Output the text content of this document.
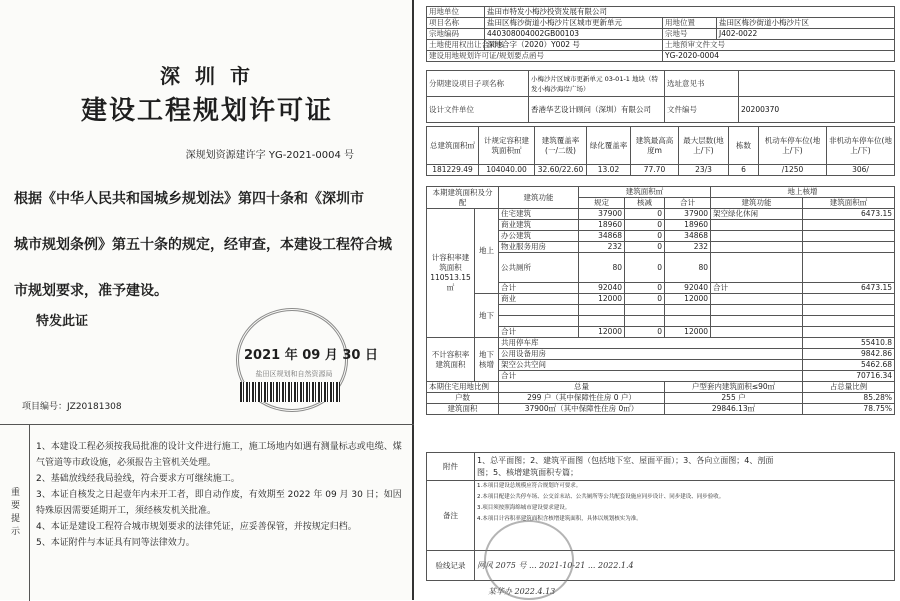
深 圳 市
建设工程规划许可证
深规划资源建许字 YG-2021-0004 号
根据《中华人民共和国城乡规划法》第四十条和《深圳市
城市规划条例》第五十条的规定，经审查，本建设工程符合城
市规划要求，准予建设。
特发此证
盐田区规划和自然资源局
2021 年 09 月 30 日
项目编号：JZ20181308
重要提示
1、本建设工程必须按我局批准的设计文件进行施工，施工场地内如遇有测量标志或电缆、煤气管道等市政设施，必须报告主管机关处理。
2、基础放线经我局验线，符合要求方可继续施工。
3、本证自核发之日起壹年内未开工者，即自动作废，有效期至 2022 年 09 月 30 日；如因特殊原因需要延期开工，须经核发机关批准。
4、本证是建设工程符合城市规划要求的法律凭证，应妥善保管，并按规定归档。
5、本证附件与本证具有同等法律效力。
用地单位	盐田市特发小梅沙投资发展有限公司		
项目名称	盐田区梅沙街道小梅沙片区城市更新单元	用地位置	盐田区梅沙街道小梅沙片区
宗地编码	440308004002GB00103	宗地号	J402-0022
土地使用权出让合同书	深地合字（2020）Y002 号	土地预审文件文号	
建设用地规划许可证/规划要点函号		YG-2020-0004	
分期建设项目子项名称	小梅沙片区城市更新单元 03-01-1 地块（特发小梅沙海岸广场）	选址意见书	
设计文件单位	香港华艺设计顾问（深圳）有限公司	文件编号	20200370
总建筑面积㎡	计规定容积建筑面积㎡	建筑覆盖率(一/二级)	绿化覆盖率	建筑最高高度m	最大层数(地上/下)	栋数	机动车停车位(地上/下)	非机动车停车位(地上/下)
181229.49	104040.00	32.60/22.60	13.02	77.70	23/3	6	/1250	306/
本期建筑面积及分配		建筑功能	建筑面积㎡			地上核增	
			规定	核减	合计	建筑功能	建筑面积㎡
计容积率建筑面积 110513.15㎡	地上	住宅建筑	37900	0	37900	架空绿化休闲	6473.15
		商业建筑	18960	0	18960		
		办公建筑	34868	0	34868		
		物业服务用房	232	0	232		
		公共厕所	80	0	80		
		合计	92040	0	92040	合计	6473.15
	地下	商业	12000	0	12000		

		合计	12000	0	12000		
不计容积率建筑面积	地下核增	共用停车库					55410.8
		公用设备用房					9842.86
		架空公共空间					5462.68
		合计					70716.34
本期住宅用地比例		总量			户型套内建筑面积≤90㎡		占总量比例
户数		299 户（其中保障性住房 0 户）			255 户		85.28%
建筑面积		37900㎡（其中保障性住房 0㎡）			29846.13㎡		78.75%
附件	1、总平面图；2、建筑平面图（包括地下室、屋面平面）；3、各向立面图；4、剖面
图；5、核增建筑面积专篇；

备注	1.本项目建设总规模应符合规划许可要求。
2.本项目配建公共停车场、公交首末站、公共厕所等公共配套设施应同步设计、同步建设、同步验收。
3.项目须按照海绵城市建设要求建设。
4.本项目计容积率建筑面积含核增建筑面积，具体以规划核实为准。

验线记录	网风 2075 号 ... 2021-10-21 ... 2022.1.4
某华办 2022.4.13
